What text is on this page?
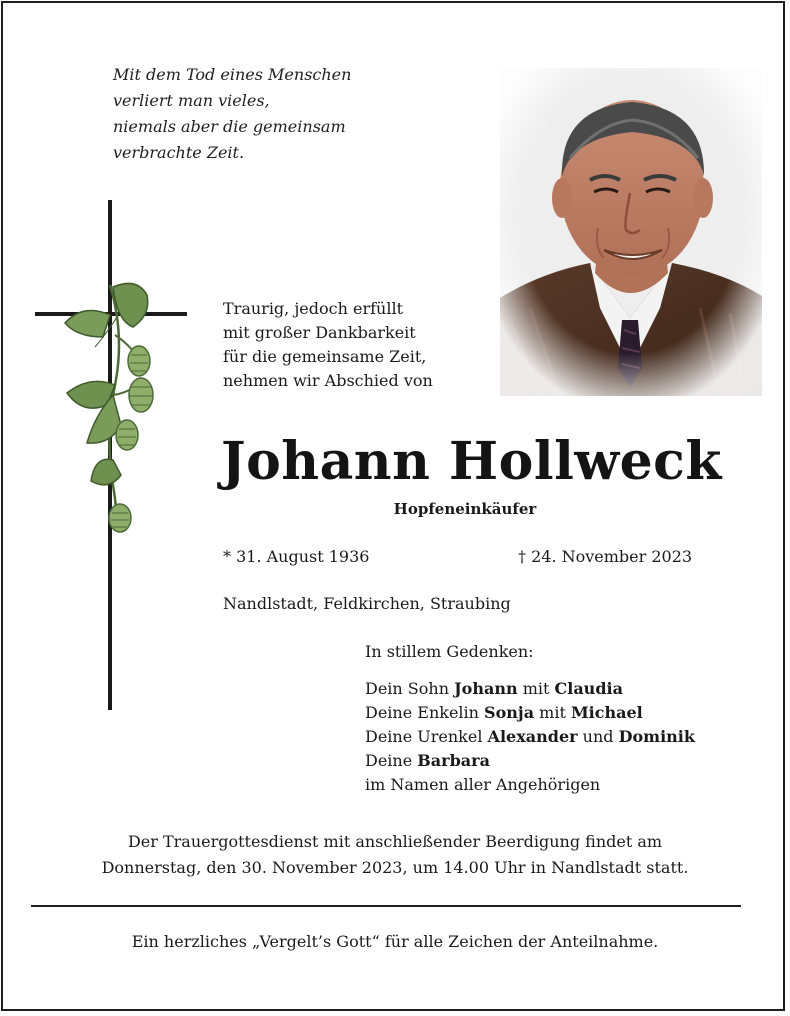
Mit dem Tod eines Menschen
verliert man vieles,
niemals aber die gemeinsam
verbrachte Zeit.
Traurig, jedoch erfüllt
mit großer Dankbarkeit
für die gemeinsame Zeit,
nehmen wir Abschied von
Johann Hollweck
Hopfeneinkäufer
* 31. August 1936	† 24. November 2023
Nandlstadt, Feldkirchen, Straubing
In stillem Gedenken:
Dein Sohn Johann mit Claudia
Deine Enkelin Sonja mit Michael
Deine Urenkel Alexander und Dominik
Deine Barbara
im Namen aller Angehörigen
Der Trauergottesdienst mit anschließender Beerdigung findet am
Donnerstag, den 30. November 2023, um 14.00 Uhr in Nandlstadt statt.
Ein herzliches „Vergelt’s Gott“ für alle Zeichen der Anteilnahme.
